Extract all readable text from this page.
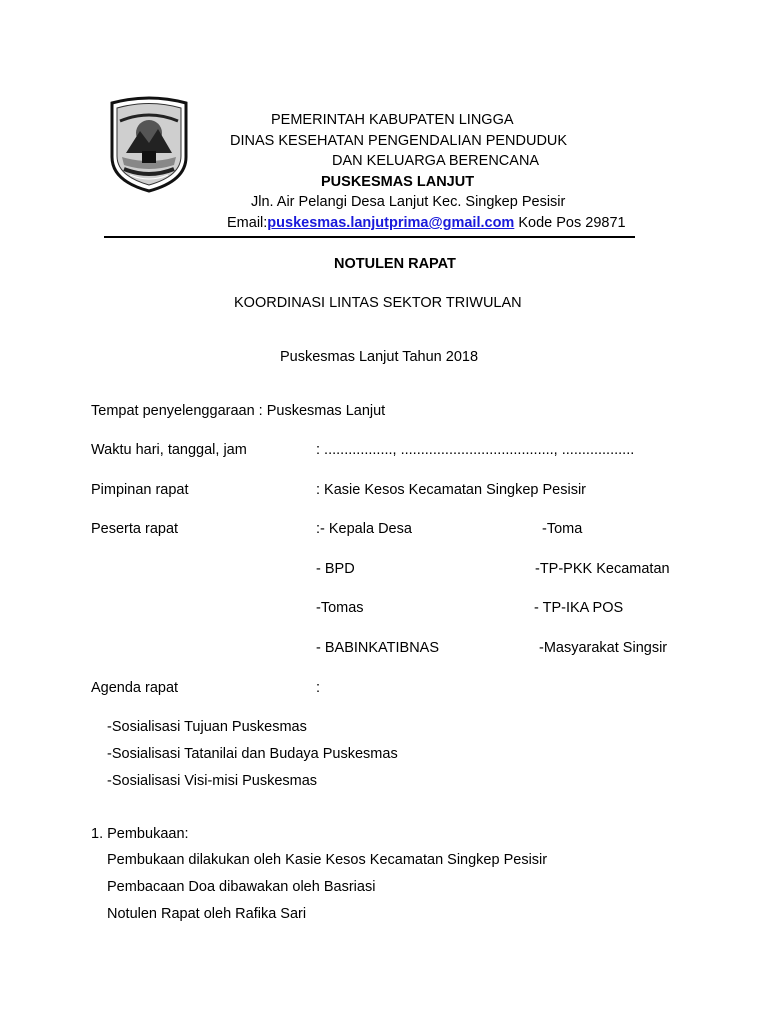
PEMERINTAH KABUPATEN LINGGA
DINAS KESEHATAN PENGENDALIAN PENDUDUK
DAN KELUARGA BERENCANA
PUSKESMAS LANJUT
Jln. Air Pelangi Desa Lanjut Kec. Singkep Pesisir
Email:puskesmas.lanjutprima@gmail.com Kode Pos 29871
NOTULEN RAPAT
KOORDINASI LINTAS SEKTOR TRIWULAN
Puskesmas Lanjut Tahun 2018
Tempat penyelenggaraan : Puskesmas Lanjut
Waktu hari, tanggal, jam	: ................., ......................................, ..................
Pimpinan rapat	: Kasie Kesos Kecamatan Singkep Pesisir
Peserta rapat	:- Kepala Desa	-Toma
- BPD	-TP-PKK Kecamatan
-Tomas	- TP-IKA POS
- BABINKATIBNAS	-Masyarakat Singsir
Agenda rapat	:
-Sosialisasi Tujuan Puskesmas
-Sosialisasi Tatanilai dan Budaya Puskesmas
-Sosialisasi Visi-misi Puskesmas
1. Pembukaan:
Pembukaan dilakukan oleh Kasie Kesos Kecamatan Singkep Pesisir
Pembacaan Doa dibawakan oleh Basriasi
Notulen Rapat oleh Rafika Sari
